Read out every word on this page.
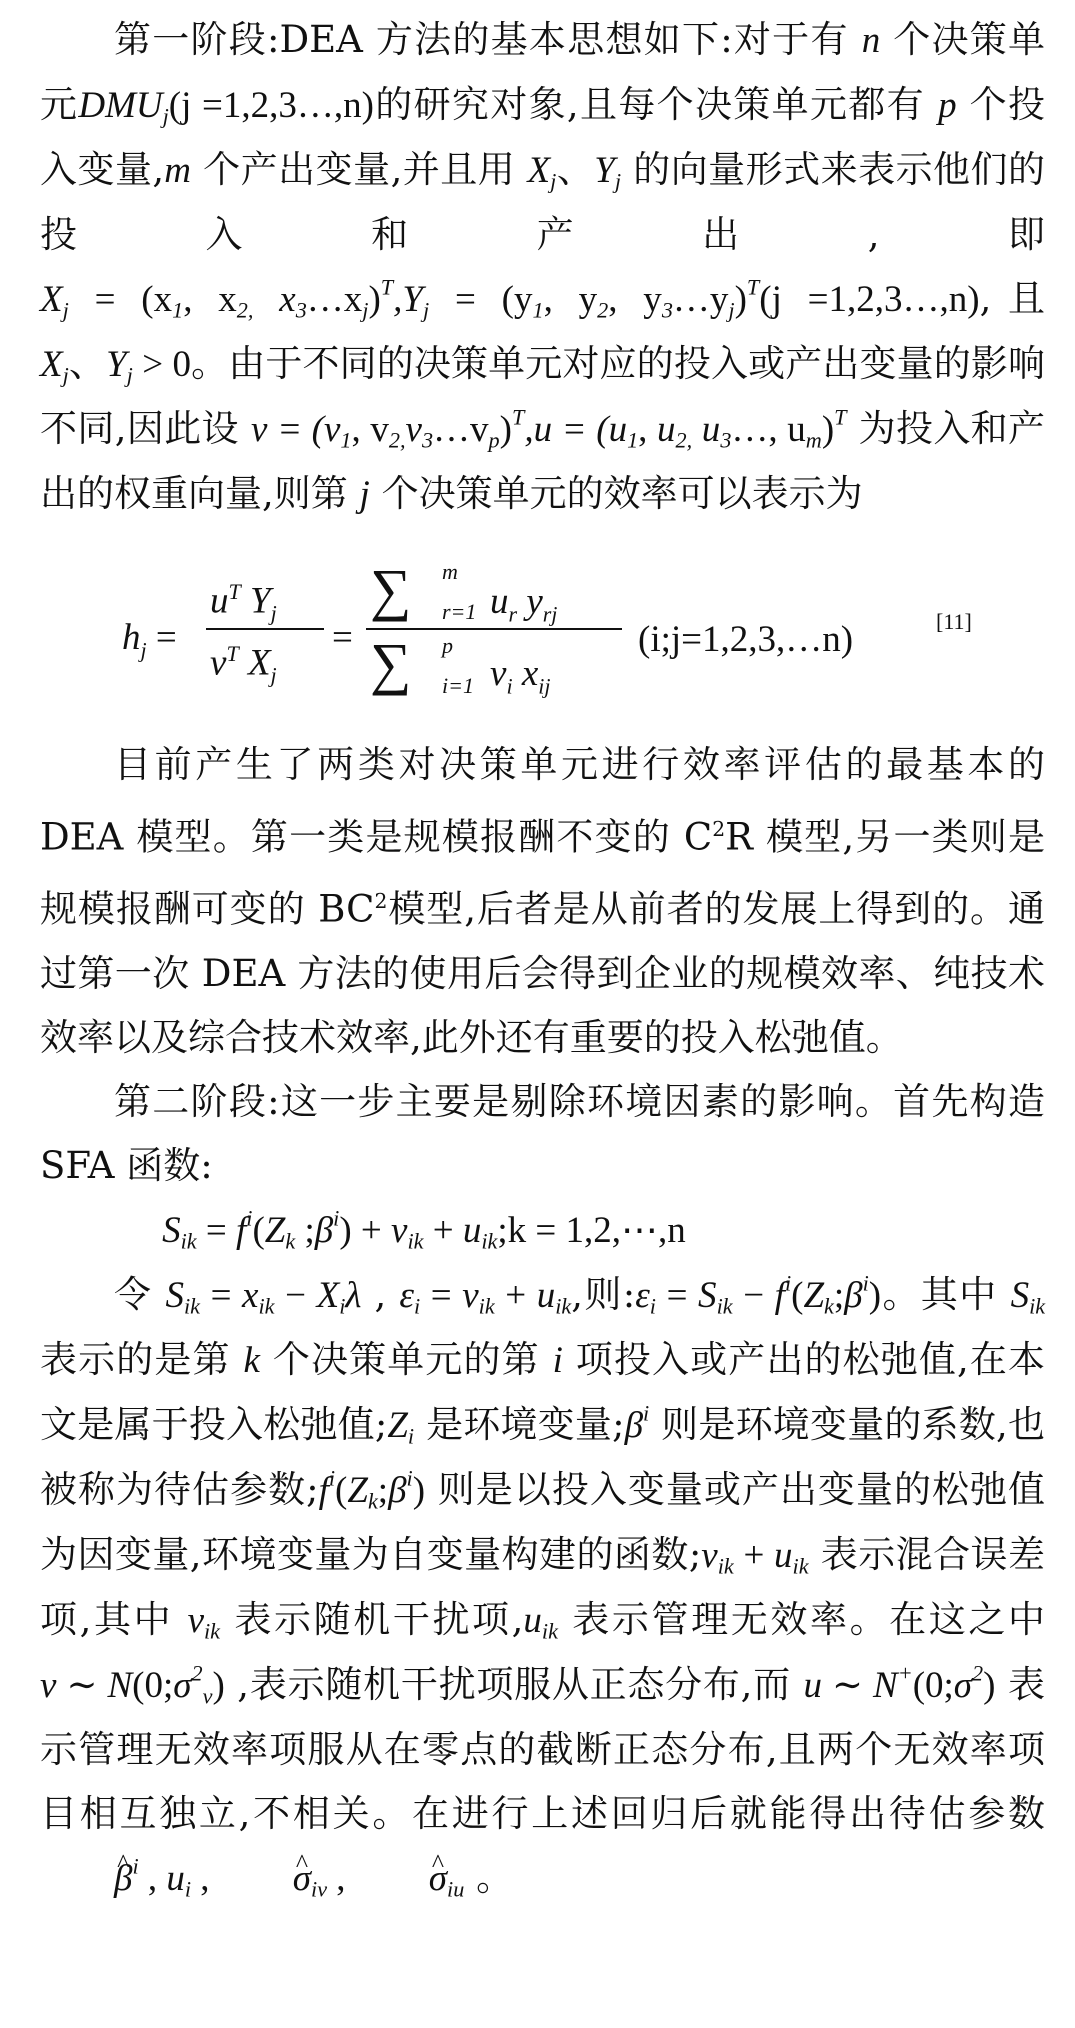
第一阶段:DEA 方法的基本思想如下:对于有 n 个决策单元$DMU_j(j$ =1,2,3…,n)的研究对象,且每个决策单元都有 p 个投入变量,m 个产出变量,并且用 $X_j$、$Y_j$ 的向量形式来表示他们的投入和产出,即 $X_j = (x_1$, $x_{2,}$ $x_3\dots x_j)^T,Y_j = (y_1$, $y_2$, $y_3\dots y_j)^T(j$ =1,2,3…,n),且 $X_j$、$Y_j > 0$。由于不同的决策单元对应的投入或产出变量的影响不同,因此设 $v = (v_1$, $v_{2,}v_3\dots v_p)^T,u = (u_1$, $u_{2,}$ $u_3\dots$, $u_m)^T$ 为投入和产出的权重向量,则第 j 个决策单元的效率可以表示为

$h_j$ =
$u^T$ $Y_j$
$v^T$ $X_j$
=
∑ m
r=1 $u_r$ $y_{rj}$
∑ p
i=1 $v_i$ $x_{ij}$
(i;j=1,2,3,…n)	[11]

目前产生了两类对决策单元进行效率评估的最基本的 DEA 模型。第一类是规模报酬不变的 $C^2R$ 模型,另一类则是规模报酬可变的 $BC^2$模型,后者是从前者的发展上得到的。通过第一次 DEA 方法的使用后会得到企业的规模效率、纯技术效率以及综合技术效率,此外还有重要的投入松弛值。

第二阶段:这一步主要是剔除环境因素的影响。首先构造 SFA 函数:

$S_{ik} = f^i(Z_k$ $;\beta^i) + v_{ik}$ + $u_{ik};k$ = 1,2,⋯,n

令 $S_{ik} = x_{ik} - X_i\lambda$ , $\varepsilon_i = v_{ik} + u_{ik}$,则$:\varepsilon_i = S_{ik}$ − $f^i(Z_k;\beta^i)$。其中 $S_{ik}$ 表示的是第 k 个决策单元的第 i 项投入或产出的松弛值,在本文是属于投入松弛值$;Z_i$ 是环境变量$;\beta^i$ 则是环境变量的系数,也被称为待估参数$;f^i(Z_k;\beta^i)$ 则是以投入变量或产出变量的松弛值为因变量,环境变量为自变量构建的函数$;v_{ik} + u_{ik}$ 表示混合误差项,其中 $v_{ik}$ 表示随机干扰项$,u_{ik}$ 表示管理无效率。在这之中 v ∼ $N(0;\sigma^2_v)$ ,表示随机干扰项服从正态分布,而 u ∼ $N^+(0;\sigma^2)$ 表示管理无效率项服从在零点的截断正态分布,且两个无效率项目相互独立,不相关。在进行上述回归后就能得出待估参数 ^ $\beta^i$ , $u_i$ , ^ $\sigma_{iv}$ , ^ $\sigma_{iu}$ 。
